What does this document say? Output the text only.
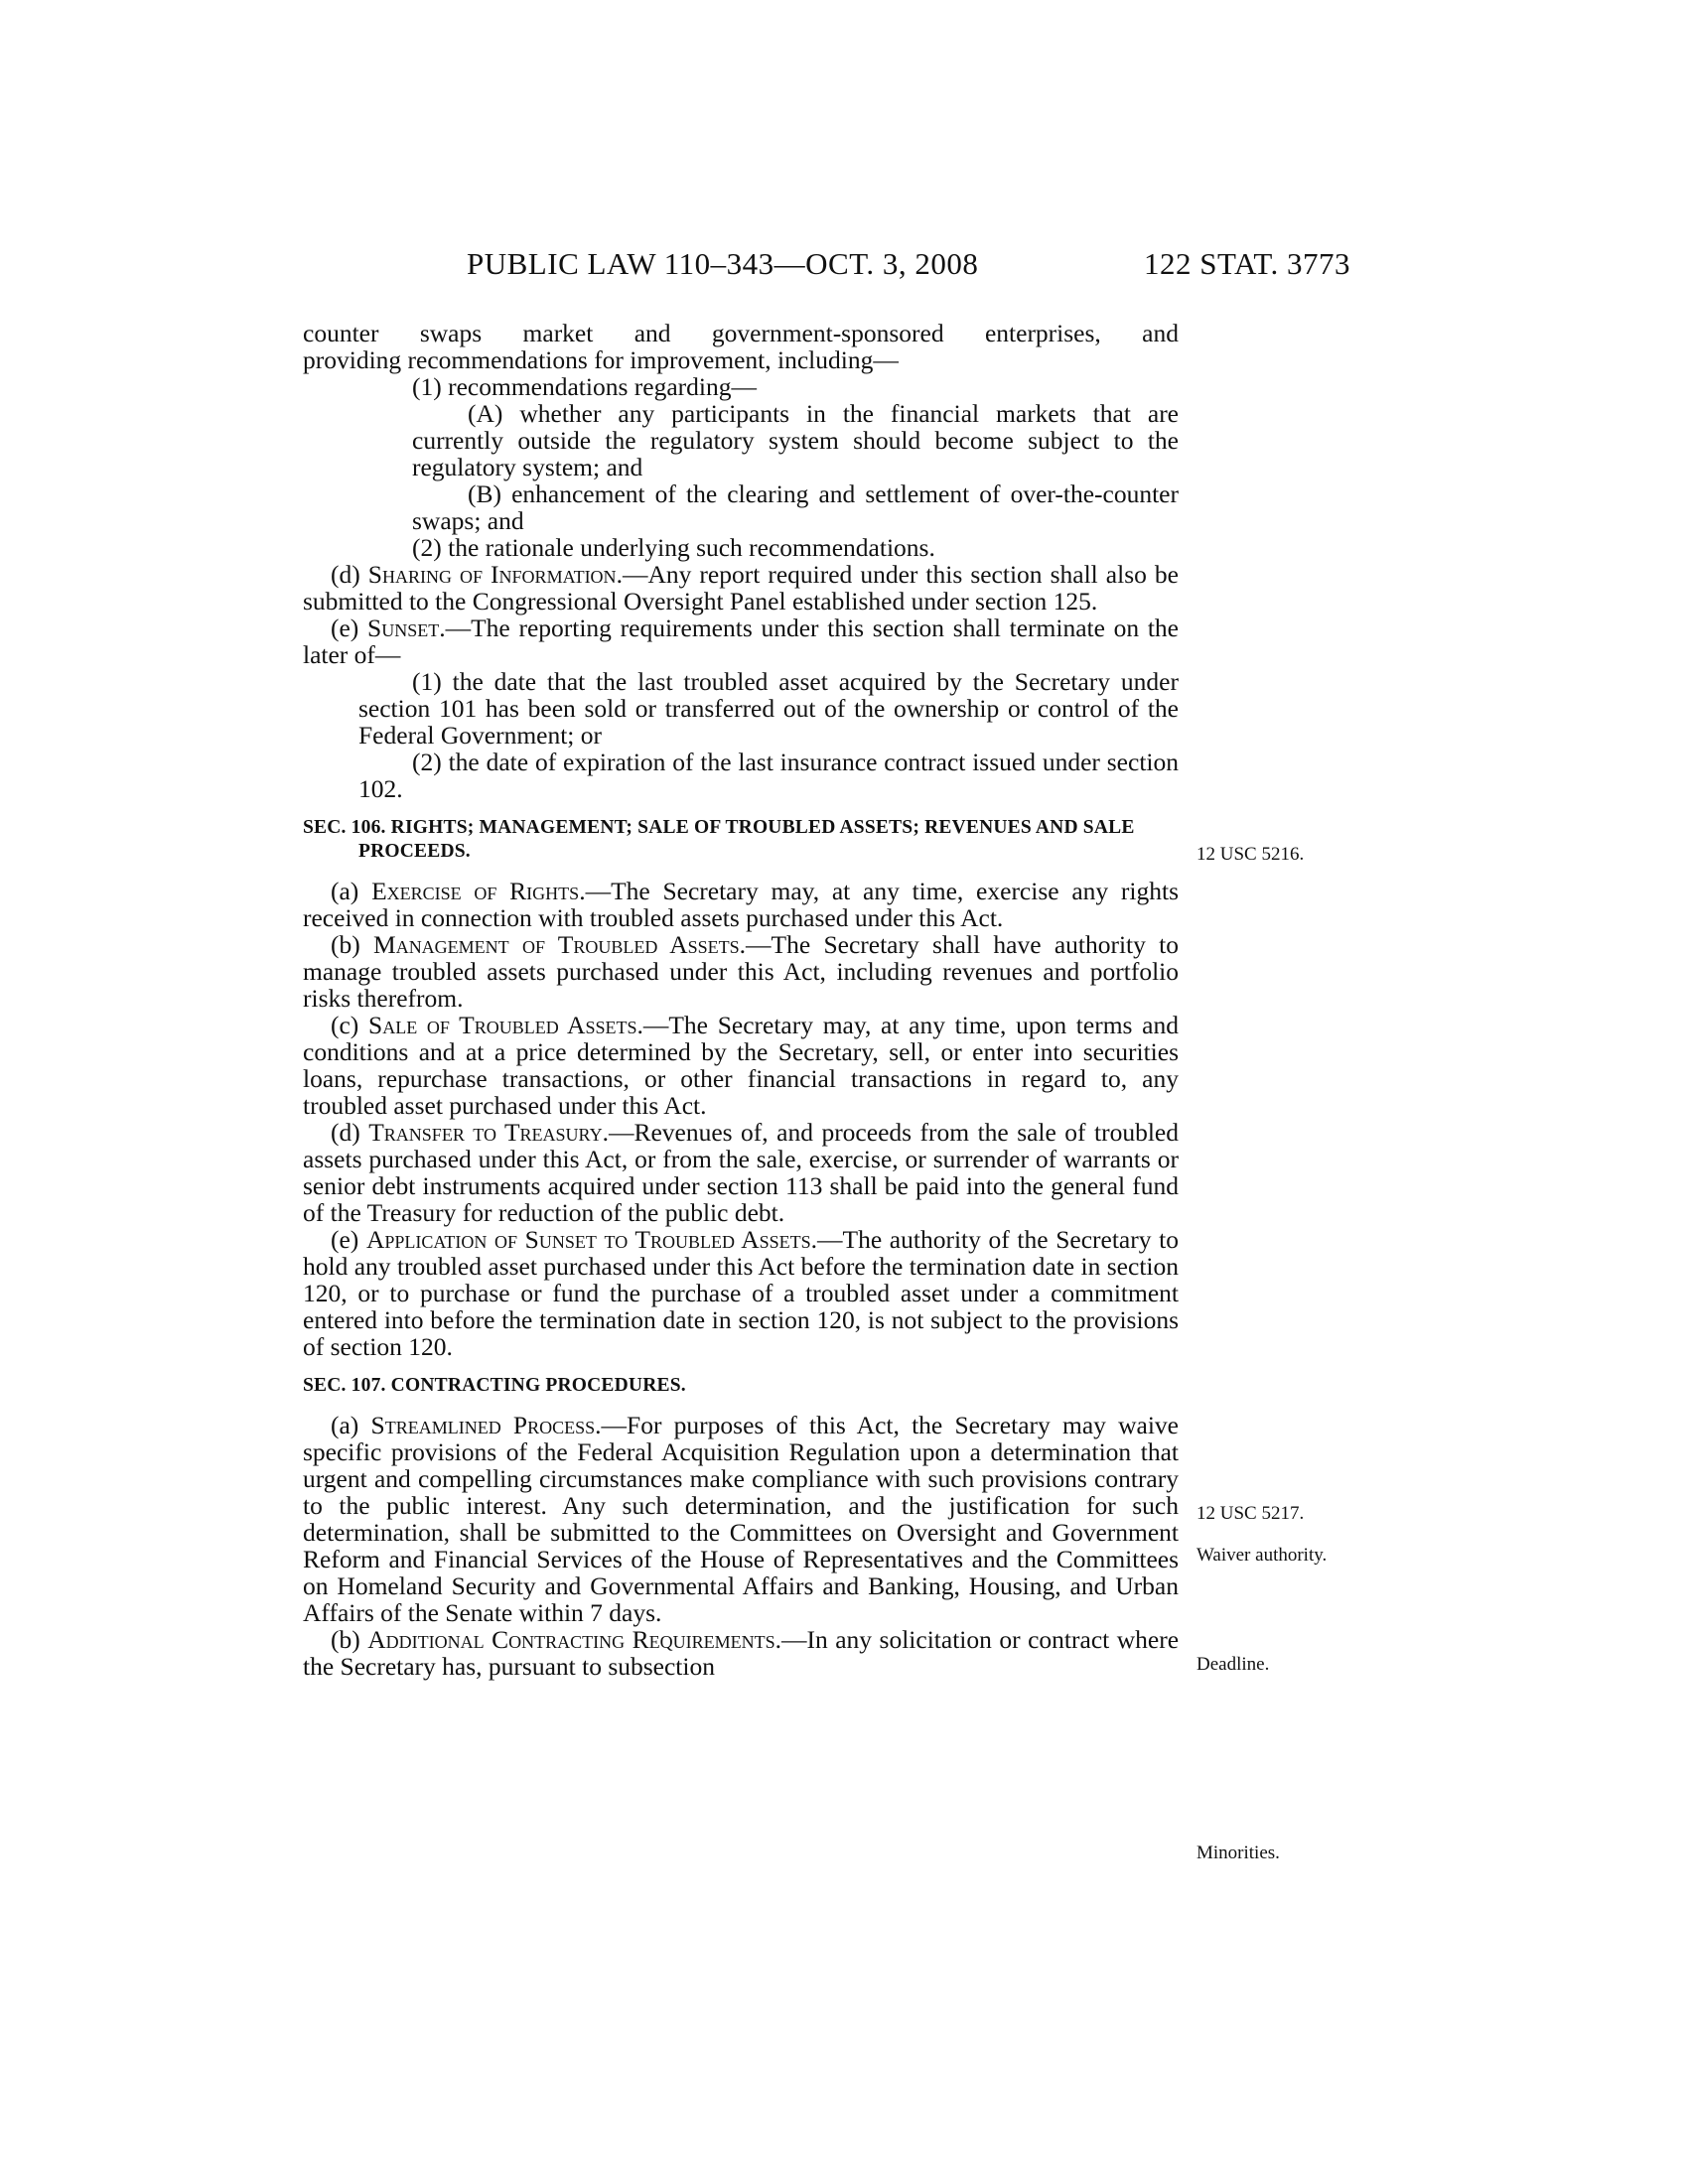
PUBLIC LAW 110–343—OCT. 3, 2008	122 STAT. 3773

counter swaps market and government-sponsored enterprises, and

providing recommendations for improvement, including—

(1) recommendations regarding—

(A) whether any participants in the financial markets that are currently outside the regulatory system should become subject to the regulatory system; and

(B) enhancement of the clearing and settlement of over-the-counter swaps; and

(2) the rationale underlying such recommendations.

(d) Sharing of Information.—Any report required under this section shall also be submitted to the Congressional Oversight Panel established under section 125.

(e) Sunset.—The reporting requirements under this section shall terminate on the later of—

(1) the date that the last troubled asset acquired by the Secretary under section 101 has been sold or transferred out of the ownership or control of the Federal Government; or

(2) the date of expiration of the last insurance contract issued under section 102.

SEC. 106. RIGHTS; MANAGEMENT; SALE OF TROUBLED ASSETS; REVENUES AND SALE PROCEEDS.

(a) Exercise of Rights.—The Secretary may, at any time, exercise any rights received in connection with troubled assets purchased under this Act.

(b) Management of Troubled Assets.—The Secretary shall have authority to manage troubled assets purchased under this Act, including revenues and portfolio risks therefrom.

(c) Sale of Troubled Assets.—The Secretary may, at any time, upon terms and conditions and at a price determined by the Secretary, sell, or enter into securities loans, repurchase transactions, or other financial transactions in regard to, any troubled asset purchased under this Act.

(d) Transfer to Treasury.—Revenues of, and proceeds from the sale of troubled assets purchased under this Act, or from the sale, exercise, or surrender of warrants or senior debt instruments acquired under section 113 shall be paid into the general fund of the Treasury for reduction of the public debt.

(e) Application of Sunset to Troubled Assets.—The authority of the Secretary to hold any troubled asset purchased under this Act before the termination date in section 120, or to purchase or fund the purchase of a troubled asset under a commitment entered into before the termination date in section 120, is not subject to the provisions of section 120.

SEC. 107. CONTRACTING PROCEDURES.

(a) Streamlined Process.—For purposes of this Act, the Secretary may waive specific provisions of the Federal Acquisition Regulation upon a determination that urgent and compelling circumstances make compliance with such provisions contrary to the public interest. Any such determination, and the justification for such determination, shall be submitted to the Committees on Oversight and Government Reform and Financial Services of the House of Representatives and the Committees on Homeland Security and Governmental Affairs and Banking, Housing, and Urban Affairs of the Senate within 7 days.

(b) Additional Contracting Requirements.—In any solicitation or contract where the Secretary has, pursuant to subsection

12 USC 5216.
12 USC 5217.
Waiver authority.
Deadline.
Minorities.
